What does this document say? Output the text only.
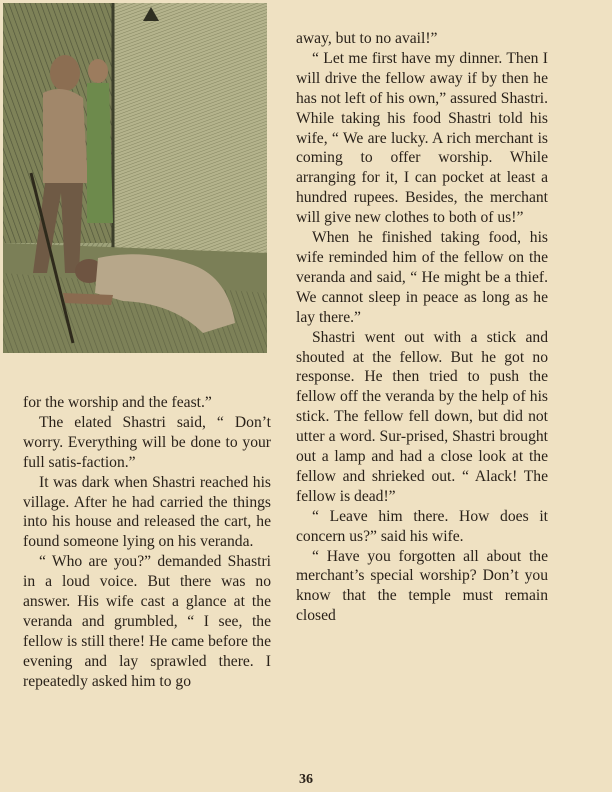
for the worship and the feast.”

The elated Shastri said, “ Don’t worry. Everything will be done to your full satis-faction.”

It was dark when Shastri reached his village. After he had carried the things into his house and released the cart, he found someone lying on his veranda.

“ Who are you?” demanded Shastri in a loud voice. But there was no answer. His wife cast a glance at the veranda and grumbled, “ I see, the fellow is still there! He came before the evening and lay sprawled there. I repeatedly asked him to go

away, but to no avail!”

“ Let me first have my dinner. Then I will drive the fellow away if by then he has not left of his own,” assured Shastri. While taking his food Shastri told his wife, “ We are lucky. A rich merchant is coming to offer worship. While arranging for it, I can pocket at least a hundred rupees. Besides, the merchant will give new clothes to both of us!”

When he finished taking food, his wife reminded him of the fellow on the veranda and said, “ He might be a thief. We cannot sleep in peace as long as he lay there.”

Shastri went out with a stick and shouted at the fellow. But he got no response. He then tried to push the fellow off the veranda by the help of his stick. The fellow fell down, but did not utter a word. Sur-prised, Shastri brought out a lamp and had a close look at the fellow and shrieked out. “ Alack! The fellow is dead!”

“ Leave him there. How does it concern us?” said his wife.

“ Have you forgotten all about the merchant’s special worship? Don’t you know that the temple must remain closed

36
